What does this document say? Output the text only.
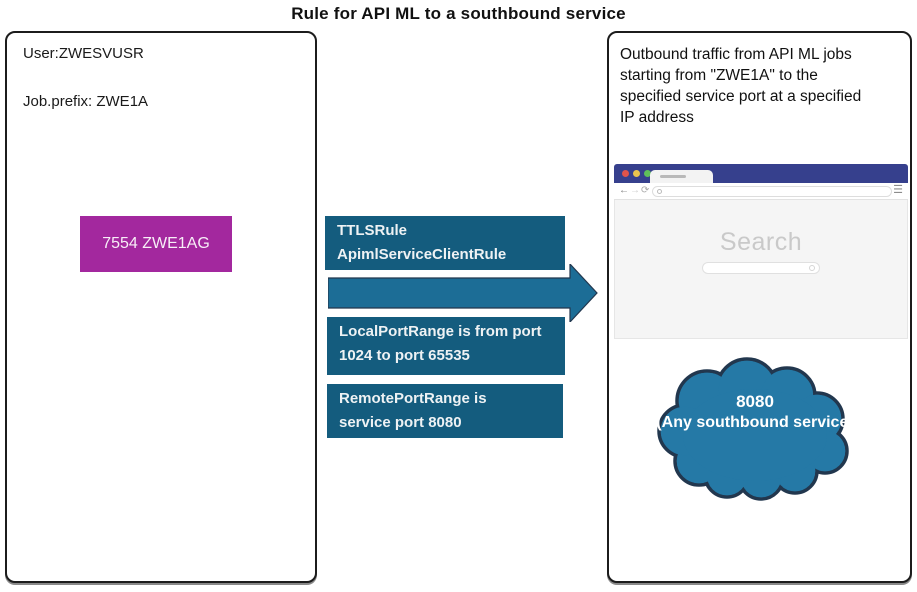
Rule for API ML to a southbound service
User:ZWESVUSR
Job.prefix: ZWE1A
7554 ZWE1AG
TTLSRule
ApimlServiceClientRule
LocalPortRange is from port
1024 to port 65535
RemotePortRange is
service port 8080
Outbound traffic from API ML jobs starting from "ZWE1A" to the specified service port at a specified IP address
← → ⟳	☰
Search
8080
(Any southbound service)
